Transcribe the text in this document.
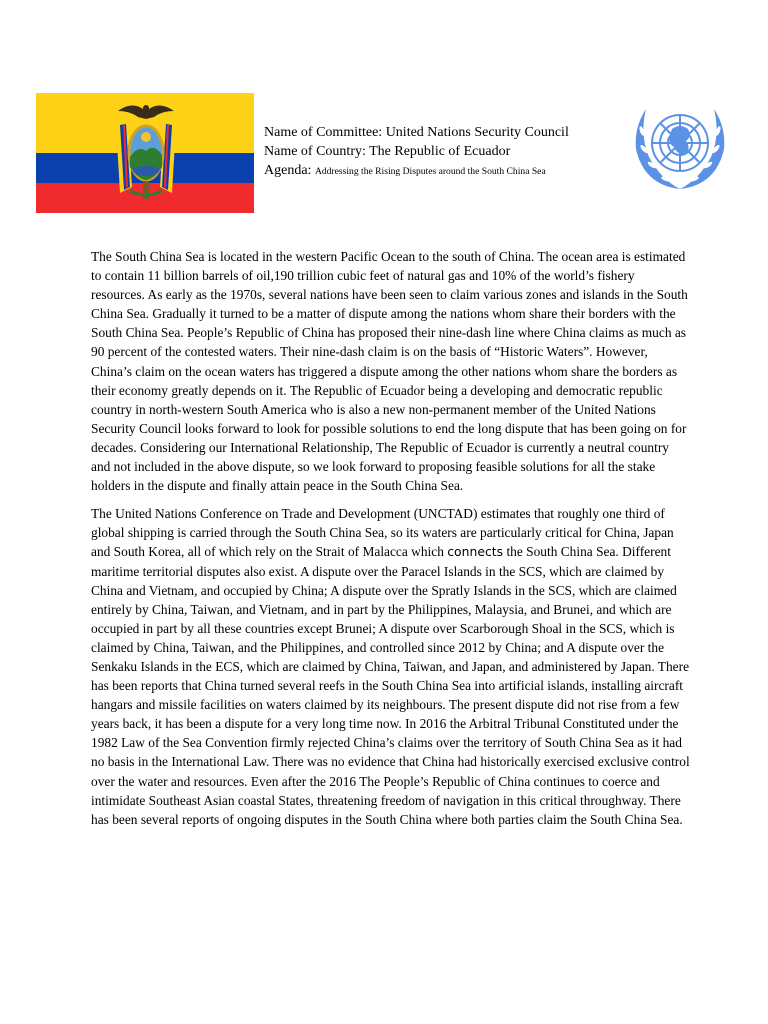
Name of Committee: United Nations Security Council
Name of Country: The Republic of Ecuador
Agenda: Addressing the Rising Disputes around the South China Sea

The South China Sea is located in the western Pacific Ocean to the south of China. The ocean area is estimated to contain 11 billion barrels of oil,190 trillion cubic feet of natural gas and 10% of the world’s fishery resources. As early as the 1970s, several nations have been seen to claim various zones and islands in the South China Sea. Gradually it turned to be a matter of dispute among the nations whom share their borders with the South China Sea. People’s Republic of China has proposed their nine-dash line where China claims as much as 90 percent of the contested waters. Their nine-dash claim is on the basis of “Historic Waters”. However, China’s claim on the ocean waters has triggered a dispute among the other nations whom share the borders as their economy greatly depends on it. The Republic of Ecuador being a developing and democratic republic country in north-western South America who is also a new non-permanent member of the United Nations Security Council looks forward to look for possible solutions to end the long dispute that has been going on for decades. Considering our International Relationship, The Republic of Ecuador is currently a neutral country and not included in the above dispute, so we look forward to proposing feasible solutions for all the stake holders in the dispute and finally attain peace in the South China Sea.

The United Nations Conference on Trade and Development (UNCTAD) estimates that roughly one third of global shipping is carried through the South China Sea, so its waters are particularly critical for China, Japan and South Korea, all of which rely on the Strait of Malacca which connects the South China Sea. Different maritime territorial disputes also exist. A dispute over the Paracel Islands in the SCS, which are claimed by China and Vietnam, and occupied by China; A dispute over the Spratly Islands in the SCS, which are claimed entirely by China, Taiwan, and Vietnam, and in part by the Philippines, Malaysia, and Brunei, and which are occupied in part by all these countries except Brunei; A dispute over Scarborough Shoal in the SCS, which is claimed by China, Taiwan, and the Philippines, and controlled since 2012 by China; and A dispute over the Senkaku Islands in the ECS, which are claimed by China, Taiwan, and Japan, and administered by Japan. There has been reports that China turned several reefs in the South China Sea into artificial islands, installing aircraft hangars and missile facilities on waters claimed by its neighbours. The present dispute did not rise from a few years back, it has been a dispute for a very long time now. In 2016 the Arbitral Tribunal Constituted under the 1982 Law of the Sea Convention firmly rejected China’s claims over the territory of South China Sea as it had no basis in the International Law. There was no evidence that China had historically exercised exclusive control over the water and resources. Even after the 2016 The People’s Republic of China continues to coerce and intimidate Southeast Asian coastal States, threatening freedom of navigation in this critical throughway. There has been several reports of ongoing disputes in the South China where both parties claim the South China Sea.
